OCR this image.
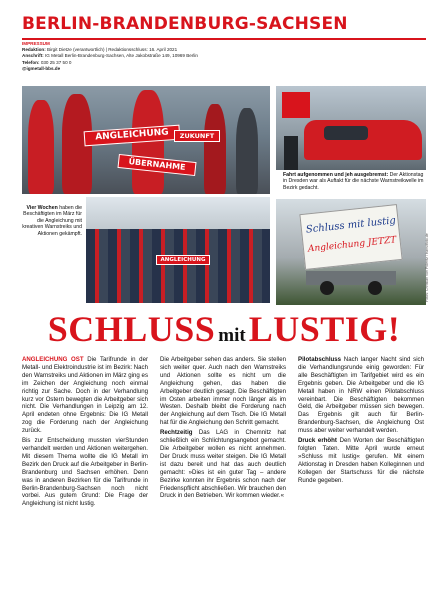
BERLIN-BRANDENBURG-SACHSEN
IMPRESSUM
Redaktion: Birgit Dietze (verantwortlich) | Redaktionsschluss: 16. April 2021
Anschrift: IG Metall Berlin-Brandenburg-Sachsen, Alte Jakobstraße 149, 10969 Berlin
Telefon: 030 25 37 50 0
@igmetall-bbs.de
ANGLEICHUNG
ÜBERNAHME
ZUKUNFT
Fahrt aufgenommen und jeh ausgebremst: Der Aktionstag in Dresden war als Auftakt für die nächste Warnstreikwelle im Bezirk gedacht.
Vier Wochen haben die Beschäftigten im März für die Angleichung mit kreativen Warnstreiks und Aktionen gekämpft.
ANGLEICHUNG
Schluss mit lustig
Angleichung JETZT	Fotos: Christian von Polentz / transitfoto.de
SCHLUSS mitLUSTIG!

ANGLEICHUNG OST Die Tarifrunde in der Metall- und Elektroindustrie ist im Bezirk: Nach den Warnstreiks und Aktionen im März ging es im Zeichen der Angleichung noch einmal richtig zur Sache. Doch in der Verhandlung kurz vor Ostern bewegten die Arbeitgeber sich nicht. Die Verhandlungen in Leipzig am 12. April endeten ohne Ergebnis: Die IG Metall zog die Forderung nach der Angleichung zurück.

Bis zur Entscheidung mussten vierStunden verhandelt werden und Aktionen weitergehen. Mit diesem Thema wollte die IG Metall im Bezirk den Druck auf die Arbeitgeber in Berlin-Brandenburg und Sachsen erhöhen. Denn was in anderen Bezirken für die Tarifrunde in Berlin-Brandenburg-Sachsen noch nicht vorbei. Aus gutem Grund: Die Frage der Angleichung ist nicht lustig.

Die Arbeitgeber sehen das anders. Sie stellen sich weiter quer. Auch nach den Warnstreiks und Aktionen sollte es nicht um die Angleichung gehen, das haben die Arbeitgeber deutlich gesagt. Die Beschäftigten im Osten arbeiten immer noch länger als im Westen. Deshalb bleibt die Forderung nach der Angleichung auf dem Tisch. Die IG Metall hat für die Angleichung den Schritt gemacht.

Rechtzeitig Das LAG in Chemnitz hat schließlich ein Schlichtungsangebot gemacht. Die Arbeitgeber wollen es nicht annehmen. Der Druck muss weiter steigen. Die IG Metall ist dazu bereit und hat das auch deutlich gemacht: »Dies ist ein guter Tag – andere Bezirke konnten ihr Ergebnis schon nach der Friedenspflicht abschließen. Wir brauchen den Druck in den Betrieben. Wir kommen wieder.«

Pilotabschluss Nach langer Nacht sind sich die Verhandlungsrunde einig geworden: Für alle Beschäftigten im Tarifgebiet wird es ein Ergebnis geben. Die Arbeitgeber und die IG Metall haben in NRW einen Pilotabschluss vereinbart. Die Beschäftigten bekommen Geld, die Arbeitgeber müssen sich bewegen. Das Ergebnis gilt auch für Berlin-Brandenburg-Sachsen, die Angleichung Ost muss aber weiter verhandelt werden.

Druck erhöht Den Worten der Beschäftigten folgten Taten. Mitte April wurde erneut »Schluss mit lustig« gerufen. Mit einem Aktionstag in Dresden haben Kolleginnen und Kollegen der Startschuss für die nächste Runde gegeben.
